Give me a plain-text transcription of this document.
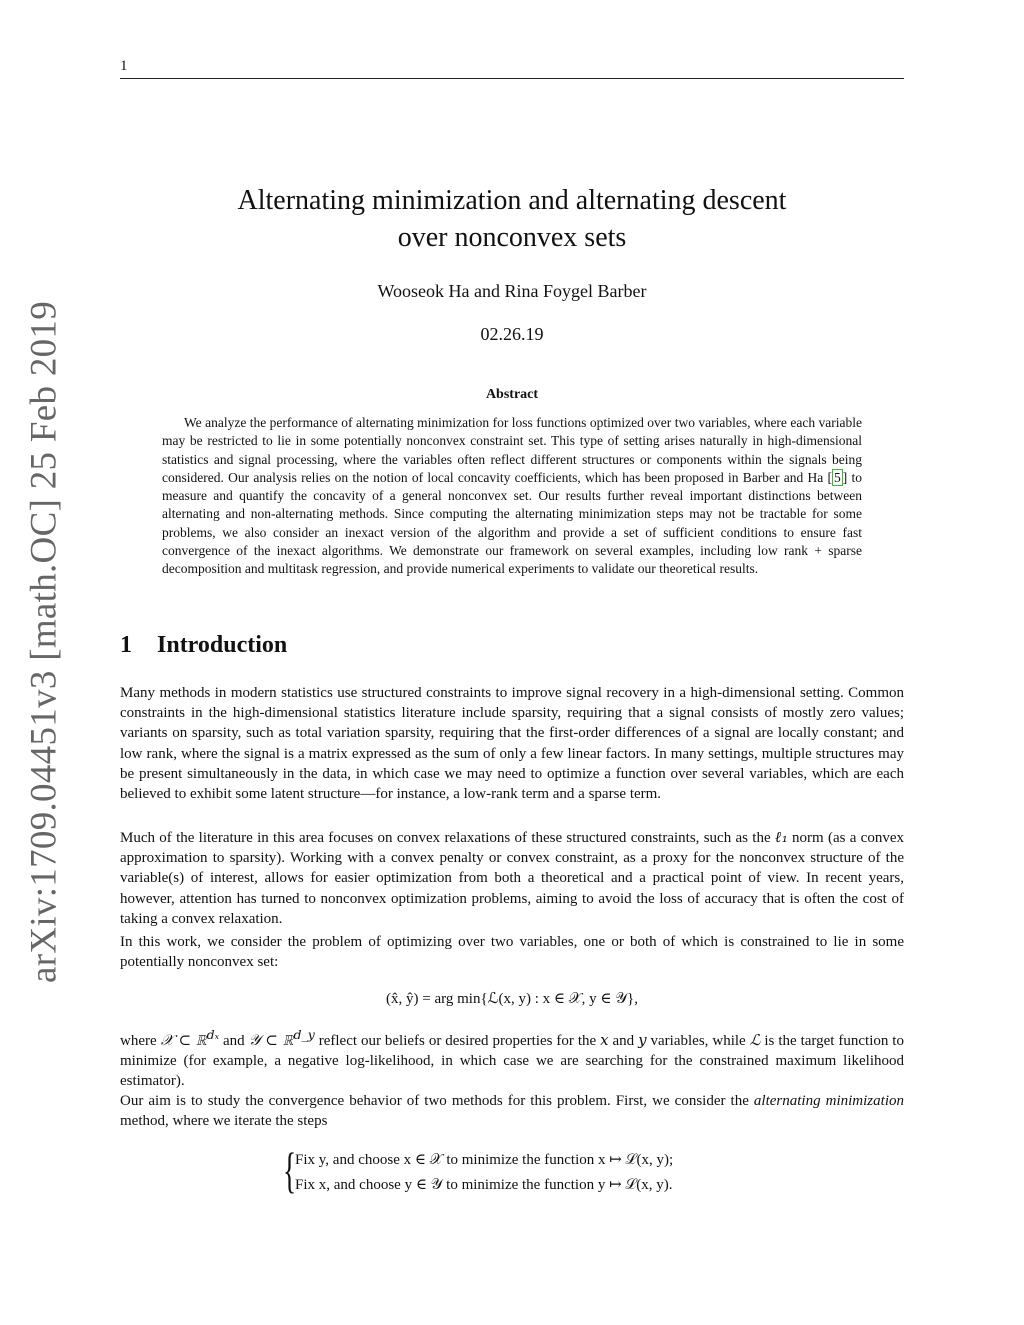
1
arXiv:1709.04451v3 [math.OC] 25 Feb 2019
Alternating minimization and alternating descent
over nonconvex sets
Wooseok Ha and Rina Foygel Barber
02.26.19
Abstract

We analyze the performance of alternating minimization for loss functions optimized over two variables, where each variable may be restricted to lie in some potentially nonconvex constraint set. This type of setting arises naturally in high-dimensional statistics and signal processing, where the variables often reflect different structures or components within the signals being considered. Our analysis relies on the notion of local concavity coefficients, which has been proposed in Barber and Ha [ 5 ] to measure and quantify the concavity of a general nonconvex set. Our results further reveal important distinctions between alternating and non-alternating methods. Since computing the alternating minimization steps may not be tractable for some problems, we also consider an inexact version of the algorithm and provide a set of sufficient conditions to ensure fast convergence of the inexact algorithms. We demonstrate our framework on several examples, including low rank + sparse decomposition and multitask regression, and provide numerical experiments to validate our theoretical results.

1 Introduction

Many methods in modern statistics use structured constraints to improve signal recovery in a high-dimensional setting. Common constraints in the high-dimensional statistics literature include sparsity, requiring that a signal consists of mostly zero values; variants on sparsity, such as total variation sparsity, requiring that the first-order differences of a signal are locally constant; and low rank, where the signal is a matrix expressed as the sum of only a few linear factors. In many settings, multiple structures may be present simultaneously in the data, in which case we may need to optimize a function over several variables, which are each believed to exhibit some latent structure—for instance, a low-rank term and a sparse term.

Much of the literature in this area focuses on convex relaxations of these structured constraints, such as the ℓ₁ norm (as a convex approximation to sparsity). Working with a convex penalty or convex constraint, as a proxy for the nonconvex structure of the variable(s) of interest, allows for easier optimization from both a theoretical and a practical point of view. In recent years, however, attention has turned to nonconvex optimization problems, aiming to avoid the loss of accuracy that is often the cost of taking a convex relaxation.

In this work, we consider the problem of optimizing over two variables, one or both of which is constrained to lie in some potentially nonconvex set:

(x̂, ŷ) = arg min{ℒ(x, y) : x ∈ 𝒳, y ∈ 𝒴},

where 𝒳 ⊂ ℝ$^{d_x}$ and 𝒴 ⊂ ℝ$^{d\_y}$ reflect our beliefs or desired properties for the x and y variables, while ℒ is the target function to minimize (for example, a negative log-likelihood, in which case we are searching for the constrained maximum likelihood estimator).

Our aim is to study the convergence behavior of two methods for this problem. First, we consider the alternating minimization method, where we iterate the steps

{
Fix y, and choose x ∈ 𝒳 to minimize the function x ↦ ℒ(x, y);
Fix x, and choose y ∈ 𝒴 to minimize the function y ↦ ℒ(x, y).
